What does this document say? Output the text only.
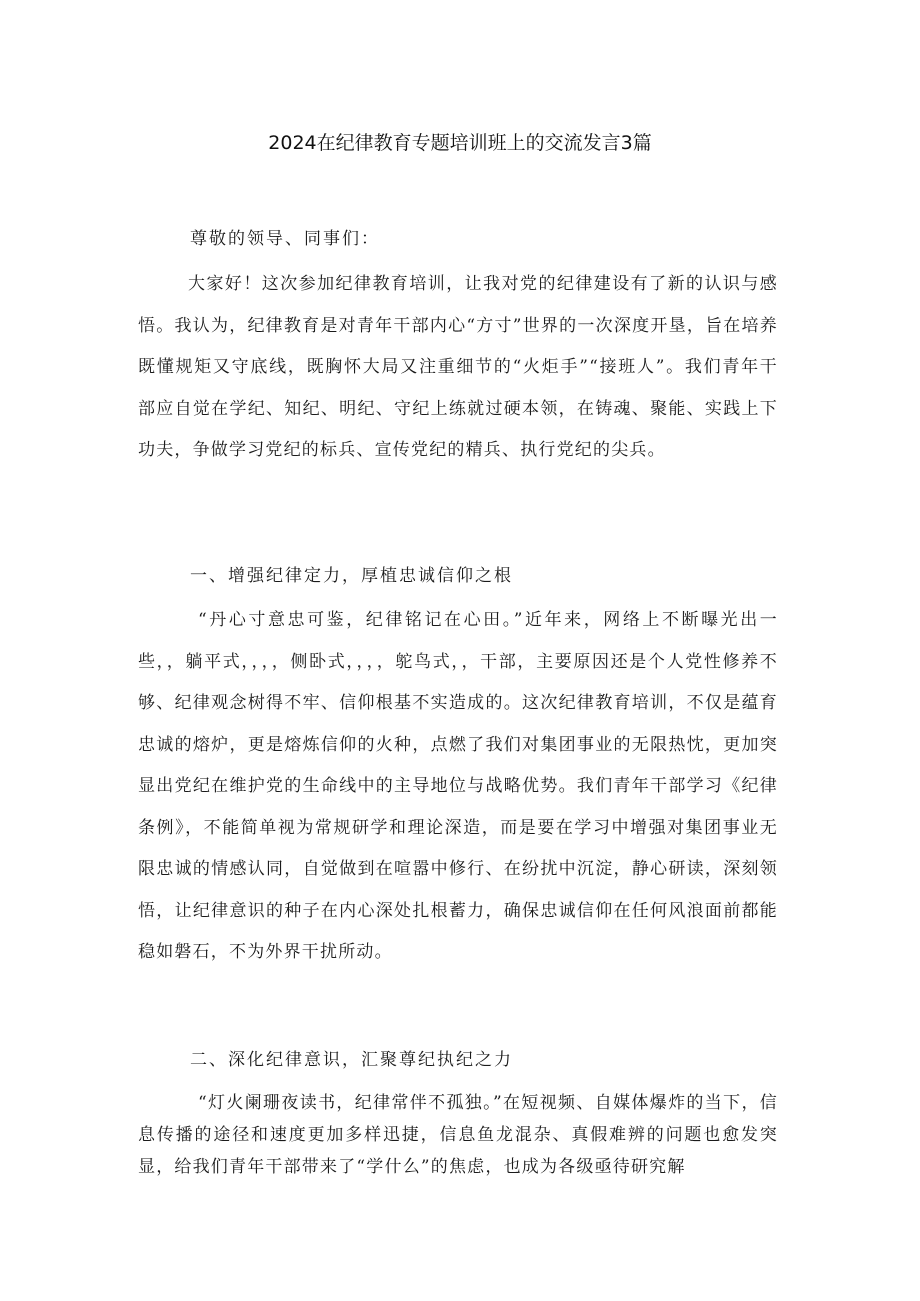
2024在纪律教育专题培训班上的交流发言3篇
尊敬的领导、同事们：

大家好！这次参加纪律教育培训，让我对党的纪律建设有了新的认识与感悟。我认为，纪律教育是对青年干部内心“方寸”世界的一次深度开垦，旨在培养既懂规矩又守底线，既胸怀大局又注重细节的“火炬手”“接班人”。我们青年干部应自觉在学纪、知纪、明纪、守纪上练就过硬本领，在铸魂、聚能、实践上下功夫，争做学习党纪的标兵、宣传党纪的精兵、执行党纪的尖兵。

一、增强纪律定力，厚植忠诚信仰之根

“丹心寸意忠可鉴，纪律铭记在心田。”近年来，网络上不断曝光出一些，，躺平式，，，，侧卧式，，，，鸵鸟式，，干部，主要原因还是个人党性修养不够、纪律观念树得不牢、信仰根基不实造成的。这次纪律教育培训，不仅是蕴育忠诚的熔炉，更是熔炼信仰的火种，点燃了我们对集团事业的无限热忱，更加突显出党纪在维护党的生命线中的主导地位与战略优势。我们青年干部学习《纪律条例》，不能简单视为常规研学和理论深造，而是要在学习中增强对集团事业无限忠诚的情感认同，自觉做到在喧嚣中修行、在纷扰中沉淀，静心研读，深刻领悟，让纪律意识的种子在内心深处扎根蓄力，确保忠诚信仰在任何风浪面前都能稳如磐石，不为外界干扰所动。

二、深化纪律意识，汇聚尊纪执纪之力

“灯火阑珊夜读书，纪律常伴不孤独。”在短视频、自媒体爆炸的当下，信息传播的途径和速度更加多样迅捷，信息鱼龙混杂、真假难辨的问题也愈发突显，给我们青年干部带来了“学什么”的焦虑，也成为各级亟待研究解
